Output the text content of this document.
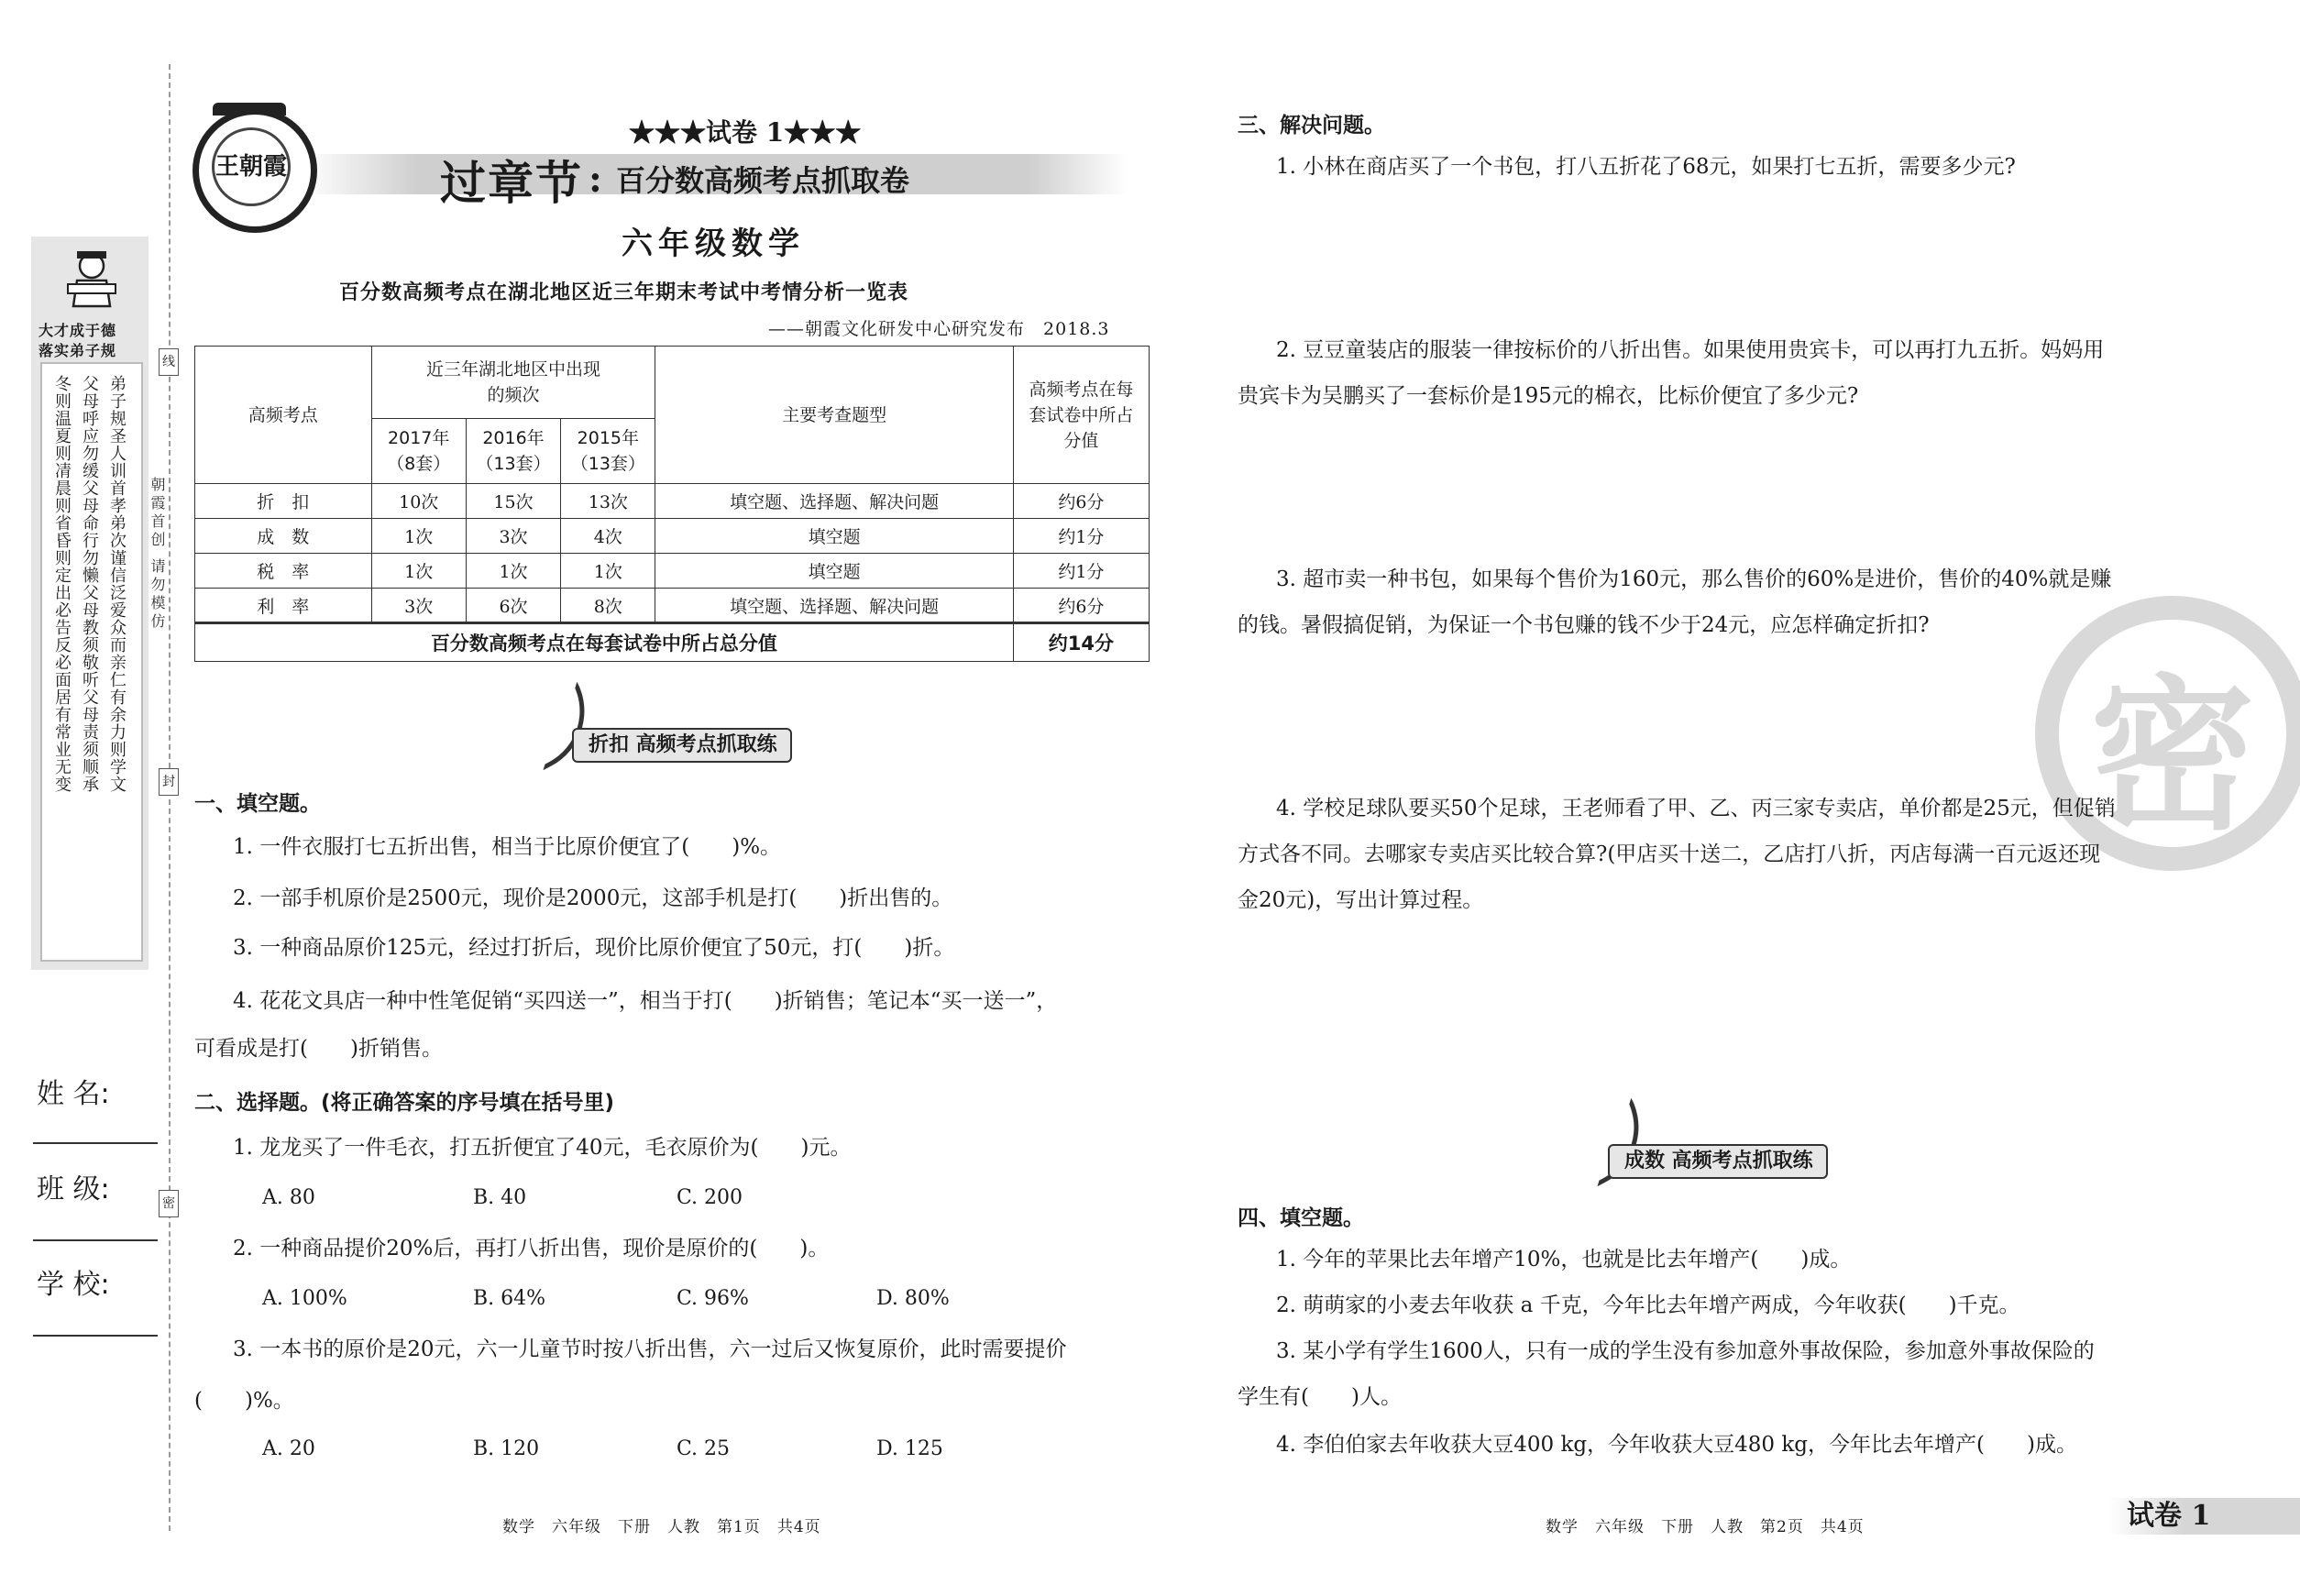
大才成于德
落实弟子规
弟子规圣人训首孝弟次谨信泛爱众而亲仁有余力则学文
父母呼应勿缓父母命行勿懒父母教须敬听父母责须顺承
冬则温夏则凊晨则省昏则定出必告反必面居有常业无变
姓 名:
班 级:
学 校:
线
朝霞首创 请勿模仿
封
密
王朝霞
★★★试卷 1★★★
过章节 : 百分数高频考点抓取卷
六年级数学
百分数高频考点在湖北地区近三年期末考试中考情分析一览表
——朝霞文化研发中心研究发布　 2018.3
高频考点	近三年湖北地区中出现的频次			主要考查题型	高频考点在每套试卷中所占分值
	2017年（8套）	2016年（13套）	2015年（13套）		
折　扣	10次	15次	13次	填空题、选择题、解决问题	约6分
成　数	1次	3次	4次	填空题	约1分
税　率	1次	1次	1次	填空题	约1分
利　率	3次	6次	8次	填空题、选择题、解决问题	约6分
百分数高频考点在每套试卷中所占总分值					约14分
折扣 高频考点抓取练
一、填空题。
1. 一件衣服打七五折出售，相当于比原价便宜了(　　)%。
2. 一部手机原价是2500元，现价是2000元，这部手机是打(　　)折出售的。
3. 一种商品原价125元，经过打折后，现价比原价便宜了50元，打(　　)折。
4. 花花文具店一种中性笔促销“买四送一”，相当于打(　　)折销售；笔记本“买一送一”，
可看成是打(　　)折销售。
二、选择题。(将正确答案的序号填在括号里)
1. 龙龙买了一件毛衣，打五折便宜了40元，毛衣原价为(　　)元。
A. 80	B. 40	C. 200
2. 一种商品提价20%后，再打八折出售，现价是原价的(　　)。
A. 100%	B. 64%	C. 96%	D. 80%
3. 一本书的原价是20元，六一儿童节时按八折出售，六一过后又恢复原价，此时需要提价
(　　)%。
A. 20	B. 120	C. 25	D. 125
数学　六年级　下册　人教　第1页　共4页
密
三、解决问题。
1. 小林在商店买了一个书包，打八五折花了68元，如果打七五折，需要多少元?
2. 豆豆童装店的服装一律按标价的八折出售。如果使用贵宾卡，可以再打九五折。妈妈用
贵宾卡为吴鹏买了一套标价是195元的棉衣，比标价便宜了多少元?
3. 超市卖一种书包，如果每个售价为160元，那么售价的60%是进价，售价的40%就是赚
的钱。暑假搞促销，为保证一个书包赚的钱不少于24元，应怎样确定折扣?
4. 学校足球队要买50个足球，王老师看了甲、乙、丙三家专卖店，单价都是25元，但促销
方式各不同。去哪家专卖店买比较合算?(甲店买十送二，乙店打八折，丙店每满一百元返还现
金20元)，写出计算过程。
成数 高频考点抓取练
四、填空题。
1. 今年的苹果比去年增产10%，也就是比去年增产(　　)成。
2. 萌萌家的小麦去年收获 a 千克，今年比去年增产两成，今年收获(　　)千克。
3. 某小学有学生1600人，只有一成的学生没有参加意外事故保险，参加意外事故保险的
学生有(　　)人。
4. 李伯伯家去年收获大豆400 kg，今年收获大豆480 kg，今年比去年增产(　　)成。
数学　六年级　下册　人教　第2页　共4页	试卷 1
